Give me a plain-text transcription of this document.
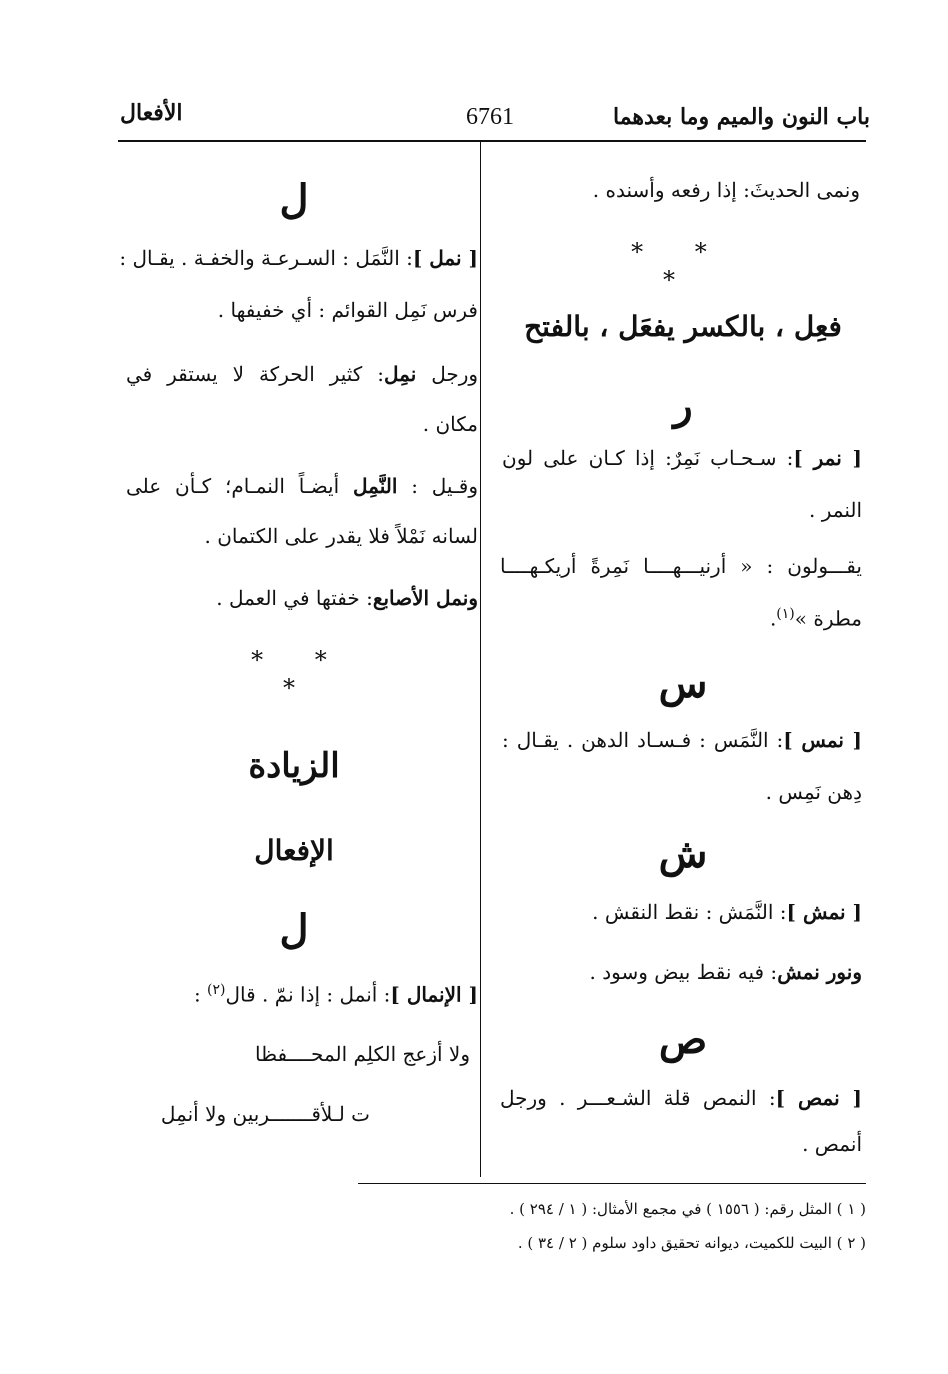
باب النون والميم وما بعدهما
6761
الأفعال
ونمى الحديثَ: إذا رفعه وأسنده .
* * *
فعِل ، بالكسر يفعَل ، بالفتح
ر
[ نمر ]: سـحـاب نَمِرٌ: إذا كـان على لون
النمر .
يقـــولون : « أرنيـــهــــا نَمِرةً أريكـهــــا
مطرة »$^{(١)}$.
س
[ نمس ]: النَّمَس : فـسـاد الدهن . يقـال :
دِهن نَمِس .
ش
[ نمش ]: النَّمَش : نقط النقش .
ونور نمش: فيه نقط بيض وسود .
ص
[ نمص ]: النمص قلة الشـعـــر . ورجل
أنمص .
ل
[ نمل ]: النَّمَل : السـرعـة والخفـة . يقـال :
فرس نَمِل القوائم : أي خفيفها .
ورجل نمِل: كثير الحركة لا يستقر في
مكان .
وقـيل : النَّمِل أيضـاً النمـام؛ كـأن على
لسانه نَمْلاً فلا يقدر على الكتمان .
ونمل الأصابع: خفتها في العمل .
* * *
الزيادة
الإفعال
ل
[ الإنمال ]: أنمل : إذا نمّ . قال$^{(٢)}$ :
ولا أزعج الكلِم المحــــفظا
ت لـلأقـــــــربين ولا أنمِل
( ١ ) المثل رقم: ( ١٥٥٦ ) في مجمع الأمثال: ( ١ / ٢٩٤ ) .
( ٢ ) البيت للكميت، ديوانه تحقيق داود سلوم ( ٢ / ٣٤ ) .
